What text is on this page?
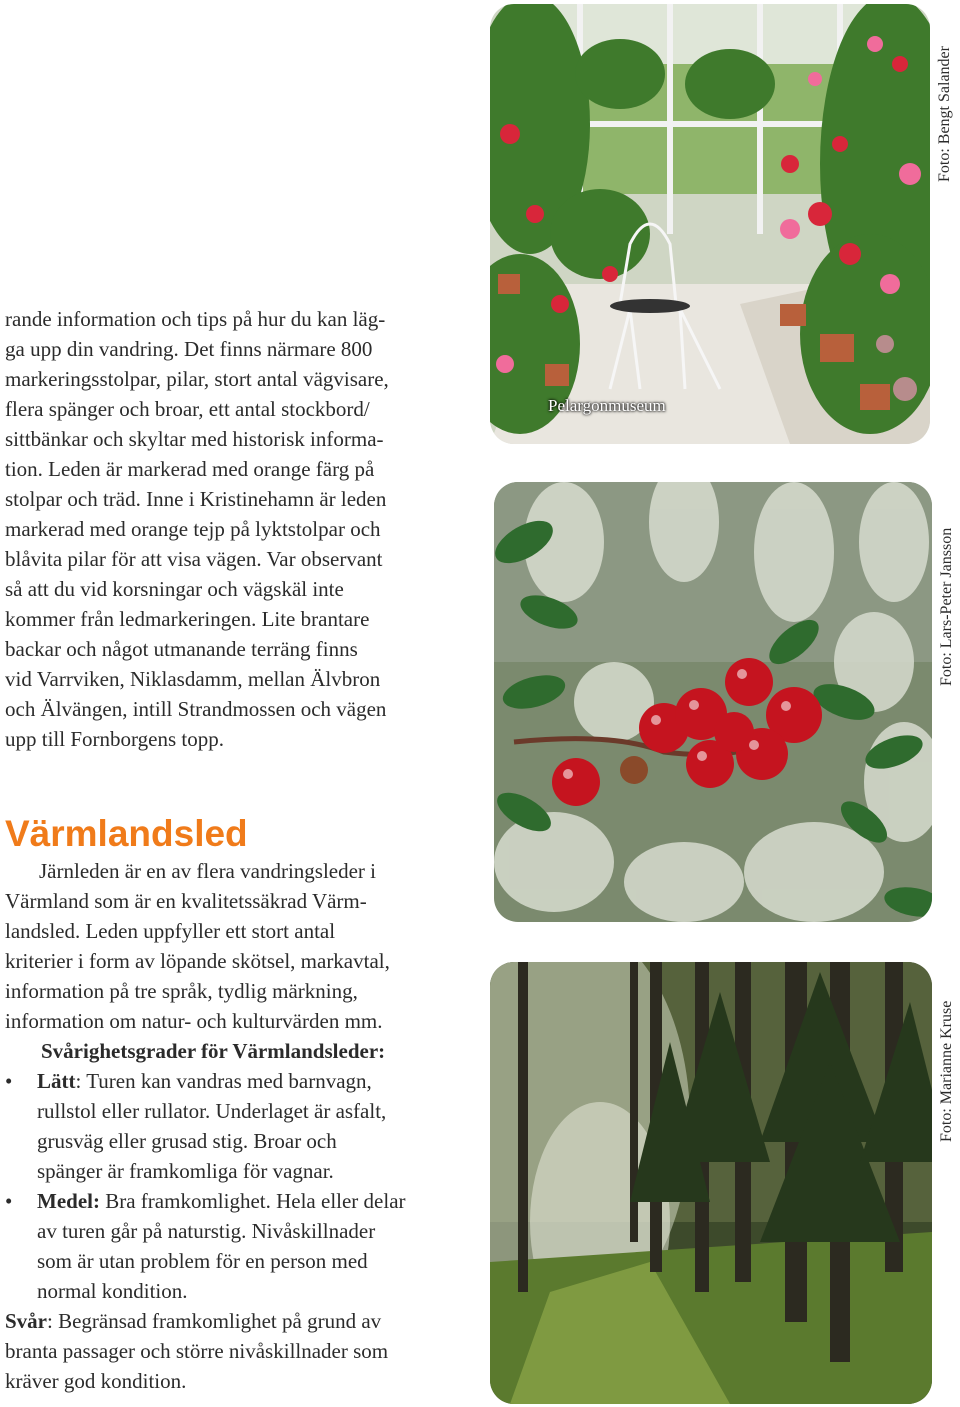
rande information och tips på hur du kan läg-

ga upp din vandring. Det finns närmare 800

markeringsstolpar, pilar, stort antal vägvisare,

flera spänger och broar, ett antal stockbord/

sittbänkar och skyltar med historisk informa-

tion. Leden är markerad med orange färg på

stolpar och träd. Inne i Kristinehamn är leden

markerad med orange tejp på lyktstolpar och

blåvita pilar för att visa vägen. Var observant

så att du vid korsningar och vägskäl inte

kommer från ledmarkeringen. Lite brantare

backar och något utmanande terräng finns

vid Varrviken, Niklasdamm, mellan Älvbron

och Älvängen, intill Strandmossen och vägen

upp till Fornborgens topp.

Värmlandsled

Järnleden är en av flera vandringsleder i

Värmland som är en kvalitetssäkrad Värm-

landsled. Leden uppfyller ett stort antal

kriterier i form av löpande skötsel, markavtal,

information på tre språk, tydlig märkning,

information om natur- och kulturvärden mm.

Svårighetsgrader för Värmlandsleder:

• Lätt: Turen kan vandras med barnvagn,
rullstol eller rullator. Underlaget är asfalt,
grusväg eller grusad stig. Broar och
spänger är framkomliga för vagnar.
• Medel: Bra framkomlighet. Hela eller delar
av turen går på naturstig. Nivåskillnader
som är utan problem för en person med
normal kondition.
Svår: Begränsad framkomlighet på grund av
branta passager och större nivåskillnader som
kräver god kondition.
Pelargonmuseum
Foto: Bengt Salander
Foto: Lars-Peter Jansson
Foto: Marianne Kruse
